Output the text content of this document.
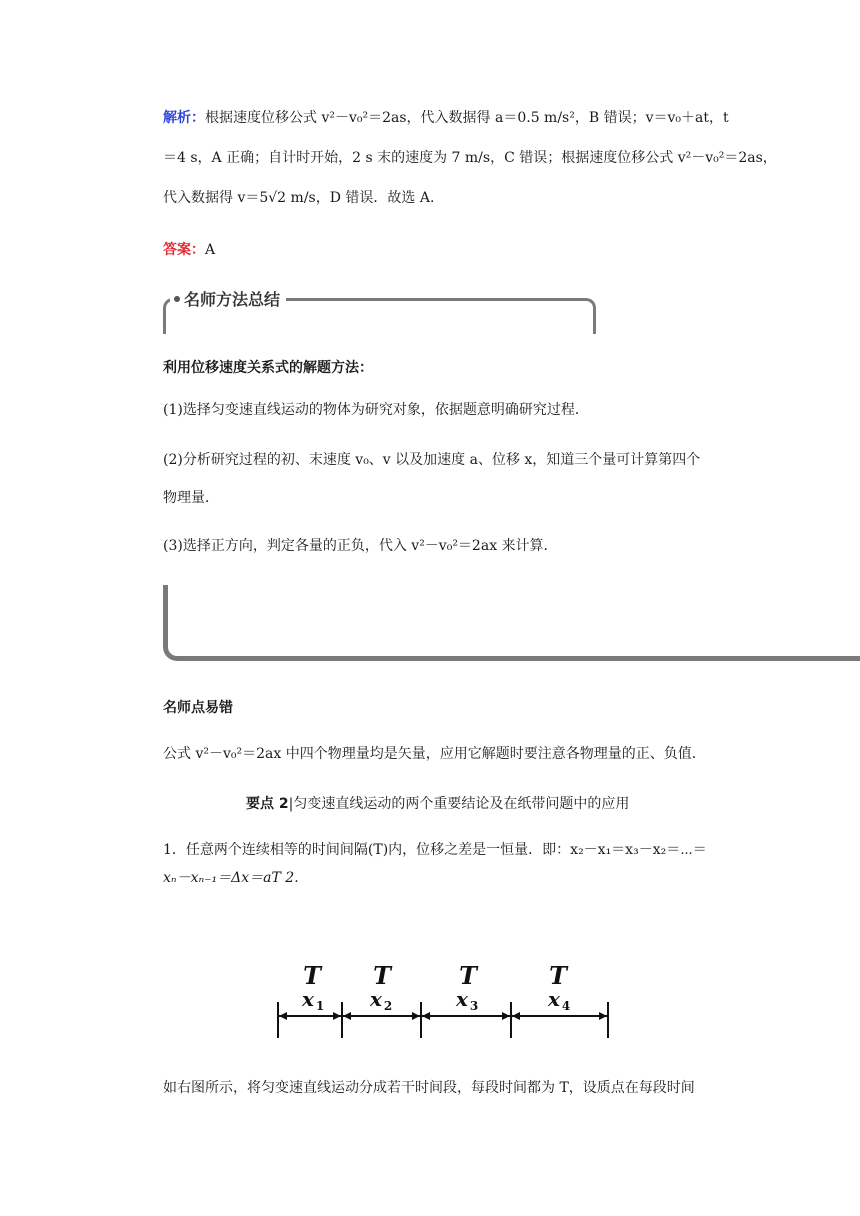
解析：根据速度位移公式 v²－v₀²＝2as，代入数据得 a＝0.5 m/s²，B 错误；v＝v₀＋at，t
＝4 s，A 正确；自计时开始，2 s 末的速度为 7 m/s，C 错误；根据速度位移公式 v²－v₀²＝2as，
代入数据得 v＝5√2 m/s，D 错误．故选 A.
答案：A
名师方法总结
利用位移速度关系式的解题方法：
(1)选择匀变速直线运动的物体为研究对象，依据题意明确研究过程．
(2)分析研究过程的初、末速度 v₀、v 以及加速度 a、位移 x，知道三个量可计算第四个
物理量．
(3)选择正方向，判定各量的正负，代入 v²－v₀²＝2ax 来计算．
名师点易错
公式 v²－v₀²＝2ax 中四个物理量均是矢量，应用它解题时要注意各物理量的正、负值．
要点 2|匀变速直线运动的两个重要结论及在纸带问题中的应用
1．任意两个连续相等的时间间隔(T)内，位移之差是一恒量．即：x₂－x₁＝x₃－x₂＝⋯＝
xₙ－xₙ₋₁＝Δx＝aT 2.
T T	T	T
x 1 x 2	x 3	x 4
如右图所示，将匀变速直线运动分成若干时间段，每段时间都为 T，设质点在每段时间
